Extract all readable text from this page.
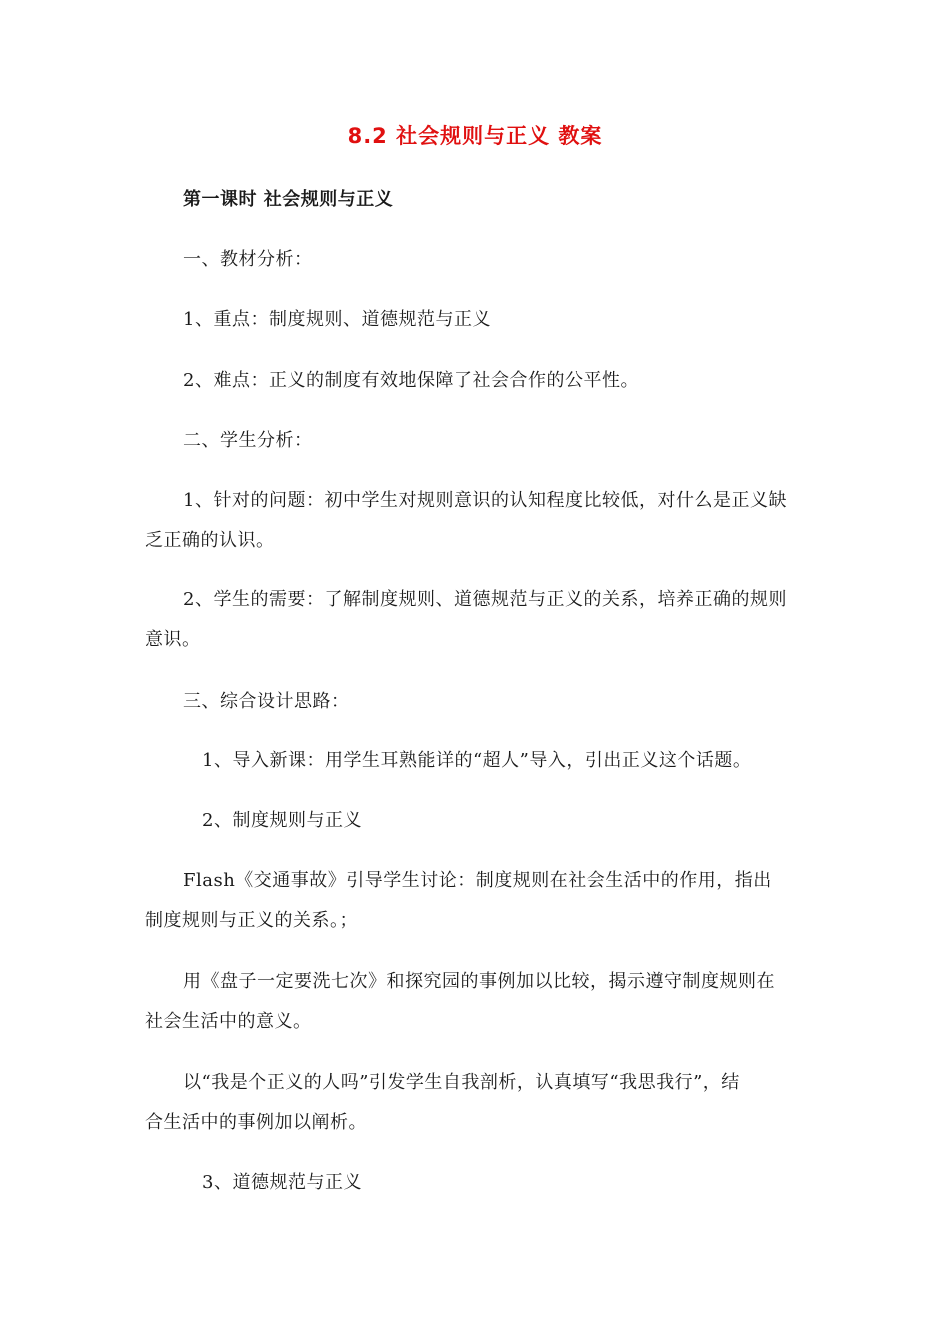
8.2 社会规则与正义 教案
第一课时 社会规则与正义
一、教材分析：
1、重点：制度规则、道德规范与正义
2、难点：正义的制度有效地保障了社会合作的公平性。
二、学生分析：
1、针对的问题：初中学生对规则意识的认知程度比较低，对什么是正义缺
乏正确的认识。
2、学生的需要：了解制度规则、道德规范与正义的关系，培养正确的规则
意识。
三、综合设计思路：
1、导入新课：用学生耳熟能详的“超人”导入，引出正义这个话题。
2、制度规则与正义
Flash《交通事故》引导学生讨论：制度规则在社会生活中的作用，指出
制度规则与正义的关系。；
用《盘子一定要洗七次》和探究园的事例加以比较，揭示遵守制度规则在
社会生活中的意义。
以“我是个正义的人吗”引发学生自我剖析，认真填写“我思我行”，结
合生活中的事例加以阐析。
3、道德规范与正义
